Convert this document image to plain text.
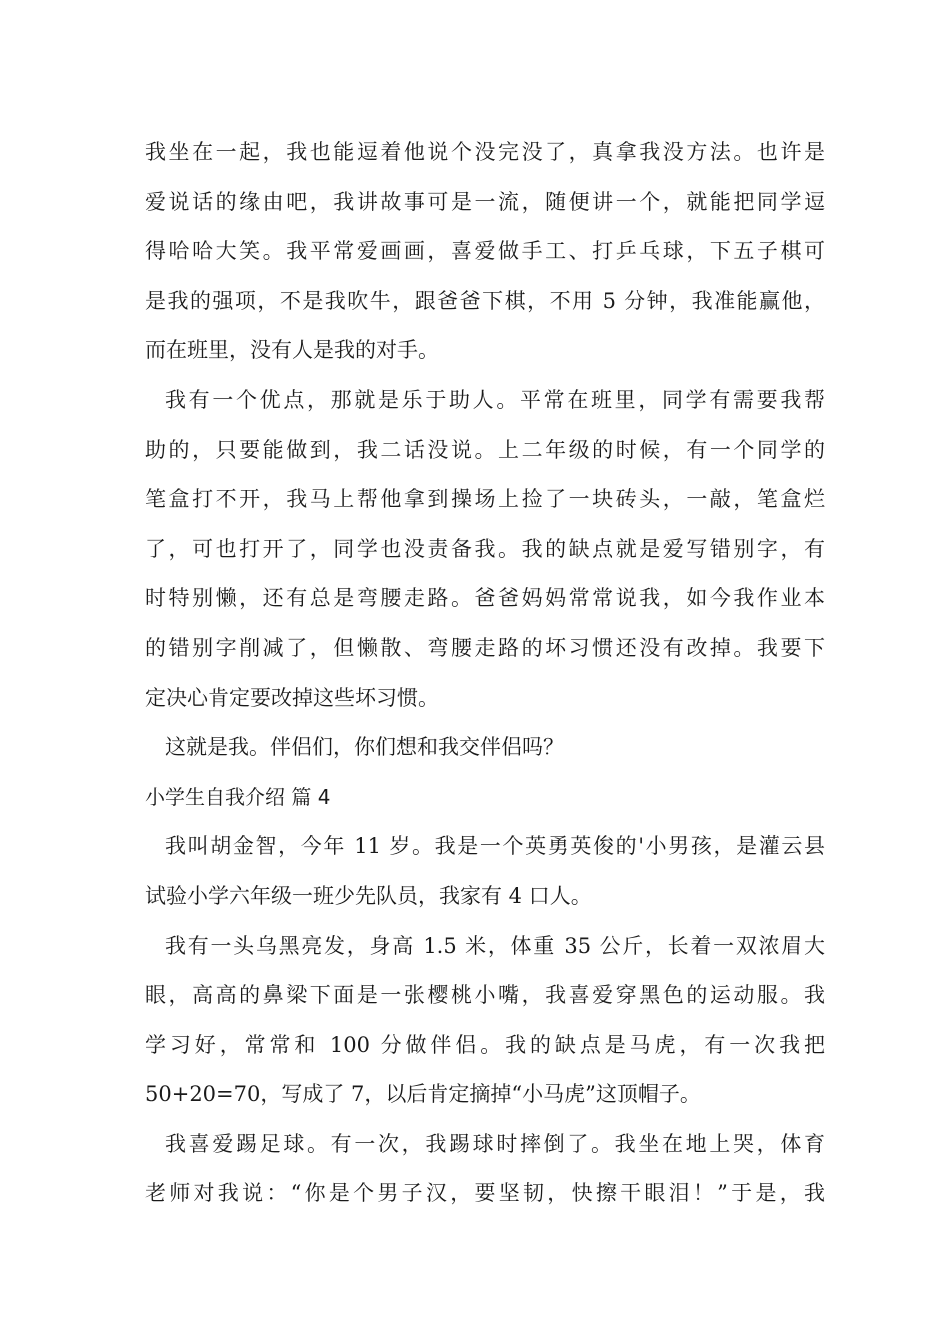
我坐在一起，我也能逗着他说个没完没了，真拿我没方法。也许是
爱说话的缘由吧，我讲故事可是一流，随便讲一个，就能把同学逗
得哈哈大笑。我平常爱画画，喜爱做手工、打乒乓球，下五子棋可
是我的强项，不是我吹牛，跟爸爸下棋，不用 5 分钟，我准能赢他，
而在班里，没有人是我的对手。
我有一个优点，那就是乐于助人。平常在班里，同学有需要我帮
助的，只要能做到，我二话没说。上二年级的时候，有一个同学的
笔盒打不开，我马上帮他拿到操场上捡了一块砖头，一敲，笔盒烂
了，可也打开了，同学也没责备我。我的缺点就是爱写错别字，有
时特别懒，还有总是弯腰走路。爸爸妈妈常常说我，如今我作业本
的错别字削减了，但懒散、弯腰走路的坏习惯还没有改掉。我要下
定决心肯定要改掉这些坏习惯。
这就是我。伴侣们，你们想和我交伴侣吗？
小学生自我介绍 篇 4
我叫胡金智，今年 11 岁。我是一个英勇英俊的'小男孩，是灌云县
试验小学六年级一班少先队员，我家有 4 口人。
我有一头乌黑亮发，身高 1.5 米，体重 35 公斤，长着一双浓眉大
眼，高高的鼻梁下面是一张樱桃小嘴，我喜爱穿黑色的运动服。我
学习好，常常和 100 分做伴侣。我的缺点是马虎，有一次我把
50+20=70，写成了 7，以后肯定摘掉“小马虎”这顶帽子。
我喜爱踢足球。有一次，我踢球时摔倒了。我坐在地上哭，体育
老师对我说：“你是个男子汉，要坚韧，快擦干眼泪！”于是，我
